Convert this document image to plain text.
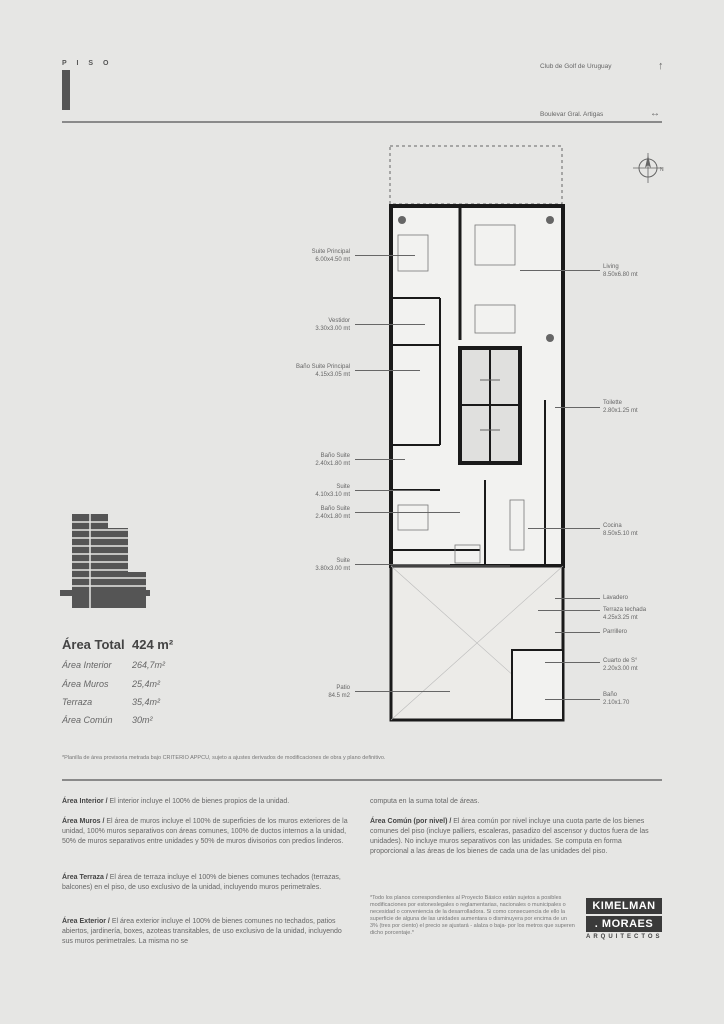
P I S O	Club de Golf de Uruguay	↑
Boulevar Gral. Artigas	↔
N
Suite Principal
6.00x4.50 mt
Vestidor
3.30x3.00 mt
Baño Suite Principal
4.15x3.05 mt
Baño Suite
2.40x1.80 mt
Suite
4.10x3.10 mt
Baño Suite
2.40x1.80 mt
Suite
3.80x3.00 mt
Patio
84.5 m2
Living
8.50x6.80 mt
Toilette
2.80x1.25 mt
Cocina
8.50x5.10 mt
Lavadero
Terraza techada
4.25x3.25 mt
Parrillero
Cuarto de S°
2.20x3.00 mt
Baño
2.10x1.70
Área Total 424 m²
Área Interior 264,7m²
Área Muros	25,4m²
Terraza	35,4m²
Área Común 30m²
*Planilla de área provisoria metrada bajo CRITERIO APPCU, sujeto a ajustes derivados de modificaciones de obra y plano definitivo.
Área Interior / El interior incluye el 100% de bienes propios de la unidad.
Área Muros / El área de muros incluye el 100% de superficies de los muros exteriores de la unidad, 100% muros separativos con áreas comunes, 100% de ductos internos a la unidad, 50% de muros separativos entre unidades y 50% de muros divisorios con predios linderos.
Área Terraza / El área de terraza incluye el 100% de bienes comunes techados (terrazas, balcones) en el piso, de uso exclusivo de la unidad, incluyendo muros perimetrales.
Área Exterior / El área exterior incluye el 100% de bienes comunes no techados, patios abiertos, jardinería, boxes, azoteas transitables, de uso exclusivo de la unidad, incluyendo sus muros perimetrales. La misma no se
computa en la suma total de áreas.
Área Común (por nivel) / El área común por nivel incluye una cuota parte de los bienes comunes del piso (incluye palliers, escaleras, pasadizo del ascensor y ductos fuera de las unidades). No incluye muros separativos con las unidades. Se computa en forma proporcional a las áreas de los bienes de cada una de las unidades del piso.
*Todo los planos correspondientes al Proyecto Básico están sujetos a posibles modificaciones por estoneslegales o reglamentarias, nacionales o municipales o necesidad o conveniencia de la desarrolladora. Si como consecuencia de ello la superficie de alguna de las unidades aumentara o disminuyera por encima de un 3% (tres por ciento) el precio se ajustará - alalza o baja- por los metros que superen dicho porcentaje.*
KIMELMAN
. MORAES
ARQUITECTOS
